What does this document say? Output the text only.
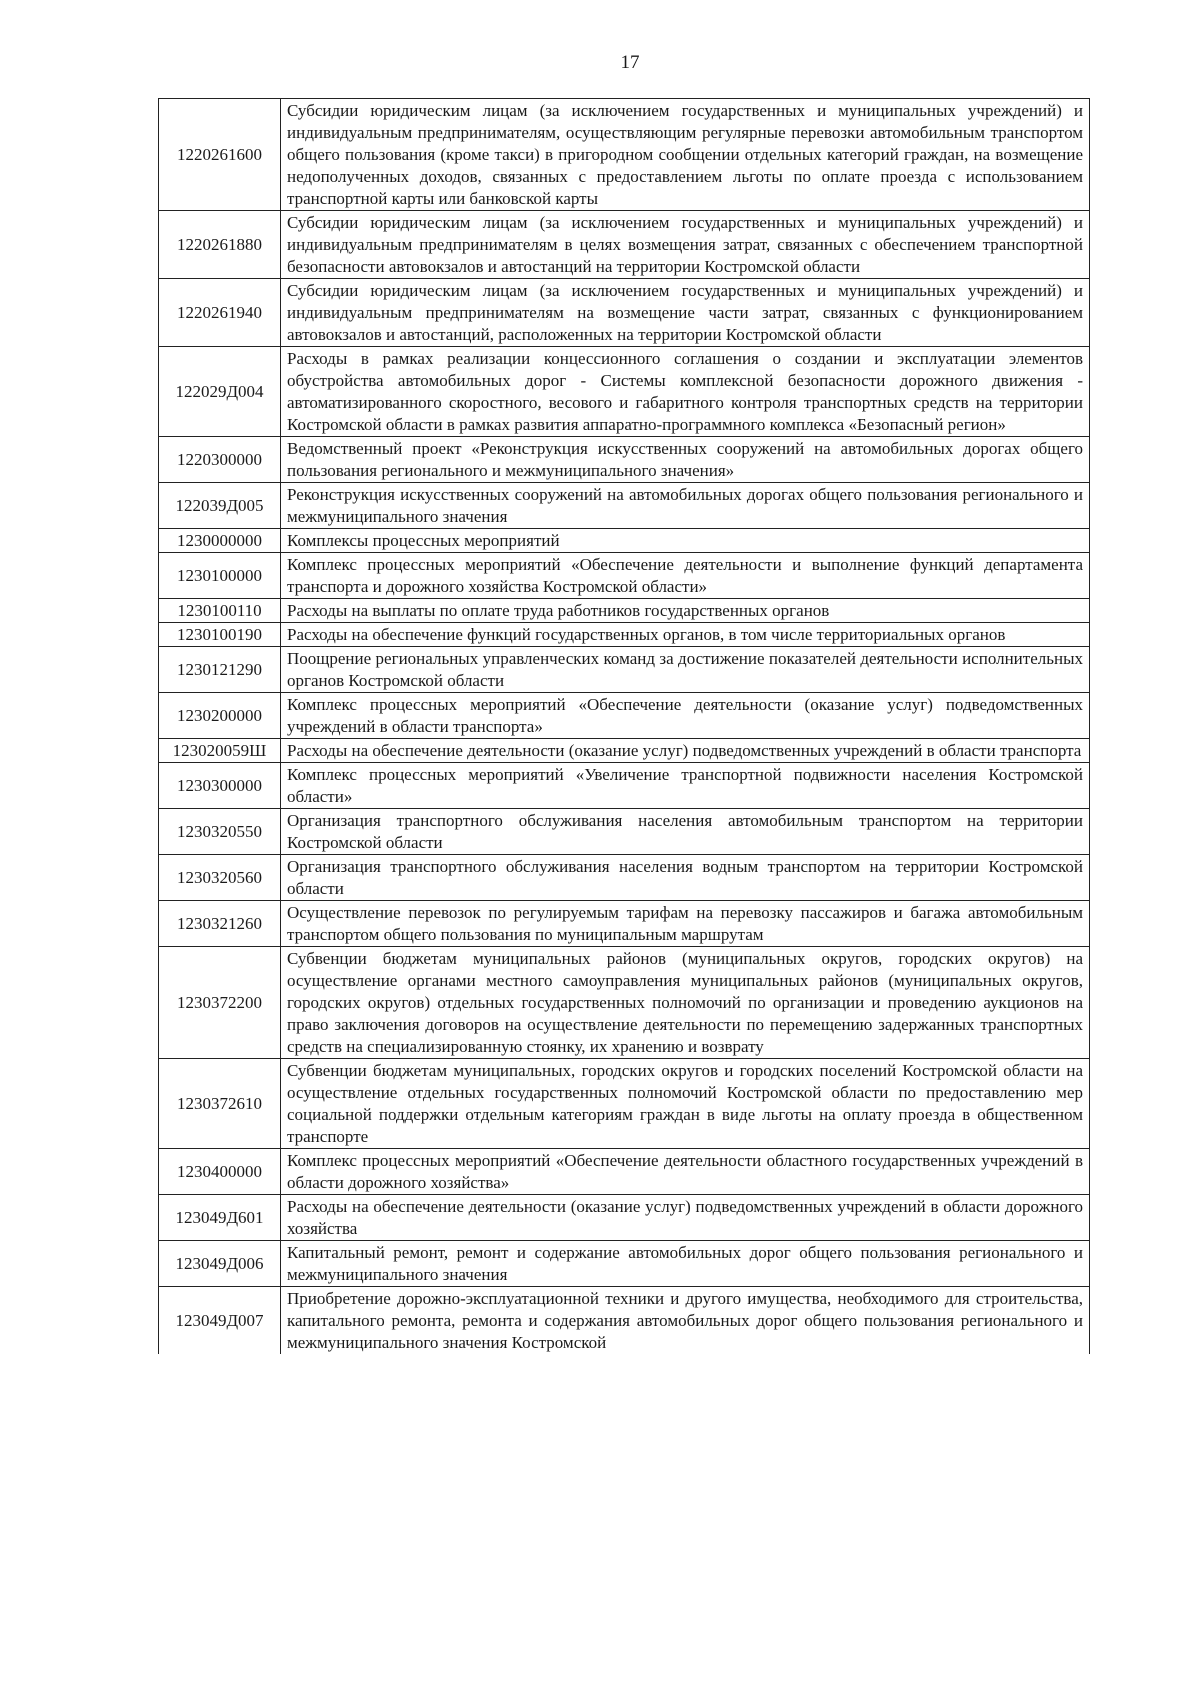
17
1220261600	Субсидии юридическим лицам (за исключением государственных и муниципальных учреждений) и индивидуальным предпринимателям, осуществляющим регулярные перевозки автомобильным транспортом общего пользования (кроме такси) в пригородном сообщении отдельных категорий граждан, на возмещение недополученных доходов, связанных с предоставлением льготы по оплате проезда с использованием транспортной карты или банковской карты
1220261880	Субсидии юридическим лицам (за исключением государственных и муниципальных учреждений) и индивидуальным предпринимателям в целях возмещения затрат, связанных с обеспечением транспортной безопасности автовокзалов и автостанций на территории Костромской области
1220261940	Субсидии юридическим лицам (за исключением государственных и муниципальных учреждений) и индивидуальным предпринимателям на возмещение части затрат, связанных с функционированием автовокзалов и автостанций, расположенных на территории Костромской области
122029Д004	Расходы в рамках реализации концессионного соглашения о создании и эксплуатации элементов обустройства автомобильных дорог - Системы комплексной безопасности дорожного движения - автоматизированного скоростного, весового и габаритного контроля транспортных средств на территории Костромской области в рамках развития аппаратно-программного комплекса «Безопасный регион»
1220300000	Ведомственный проект «Реконструкция искусственных сооружений на автомобильных дорогах общего пользования регионального и межмуниципального значения»
122039Д005	Реконструкция искусственных сооружений на автомобильных дорогах общего пользования регионального и межмуниципального значения
1230000000	Комплексы процессных мероприятий
1230100000	Комплекс процессных мероприятий «Обеспечение деятельности и выполнение функций департамента транспорта и дорожного хозяйства Костромской области»
1230100110	Расходы на выплаты по оплате труда работников государственных органов
1230100190	Расходы на обеспечение функций государственных органов, в том числе территориальных органов
1230121290	Поощрение региональных управленческих команд за достижение показателей деятельности исполнительных органов Костромской области
1230200000	Комплекс процессных мероприятий «Обеспечение деятельности (оказание услуг) подведомственных учреждений в области транспорта»
123020059Ш	Расходы на обеспечение деятельности (оказание услуг) подведомственных учреждений в области транспорта
1230300000	Комплекс процессных мероприятий «Увеличение транспортной подвижности населения Костромской области»
1230320550	Организация транспортного обслуживания населения автомобильным транспортом на территории Костромской области
1230320560	Организация транспортного обслуживания населения водным транспортом на территории Костромской области
1230321260	Осуществление перевозок по регулируемым тарифам на перевозку пассажиров и багажа автомобильным транспортом общего пользования по муниципальным маршрутам
1230372200	Субвенции бюджетам муниципальных районов (муниципальных округов, городских округов) на осуществление органами местного самоуправления муниципальных районов (муниципальных округов, городских округов) отдельных государственных полномочий по организации и проведению аукционов на право заключения договоров на осуществление деятельности по перемещению задержанных транспортных средств на специализированную стоянку, их хранению и возврату
1230372610	Субвенции бюджетам муниципальных, городских округов и городских поселений Костромской области на осуществление отдельных государственных полномочий Костромской области по предоставлению мер социальной поддержки отдельным категориям граждан в виде льготы на оплату проезда в общественном транспорте
1230400000	Комплекс процессных мероприятий «Обеспечение деятельности областного государственных учреждений в области дорожного хозяйства»
123049Д601	Расходы на обеспечение деятельности (оказание услуг) подведомственных учреждений в области дорожного хозяйства
123049Д006	Капитальный ремонт, ремонт и содержание автомобильных дорог общего пользования регионального и межмуниципального значения
123049Д007	Приобретение дорожно-эксплуатационной техники и другого имущества, необходимого для строительства, капитального ремонта, ремонта и содержания автомобильных дорог общего пользования регионального и межмуниципального значения Костромской
